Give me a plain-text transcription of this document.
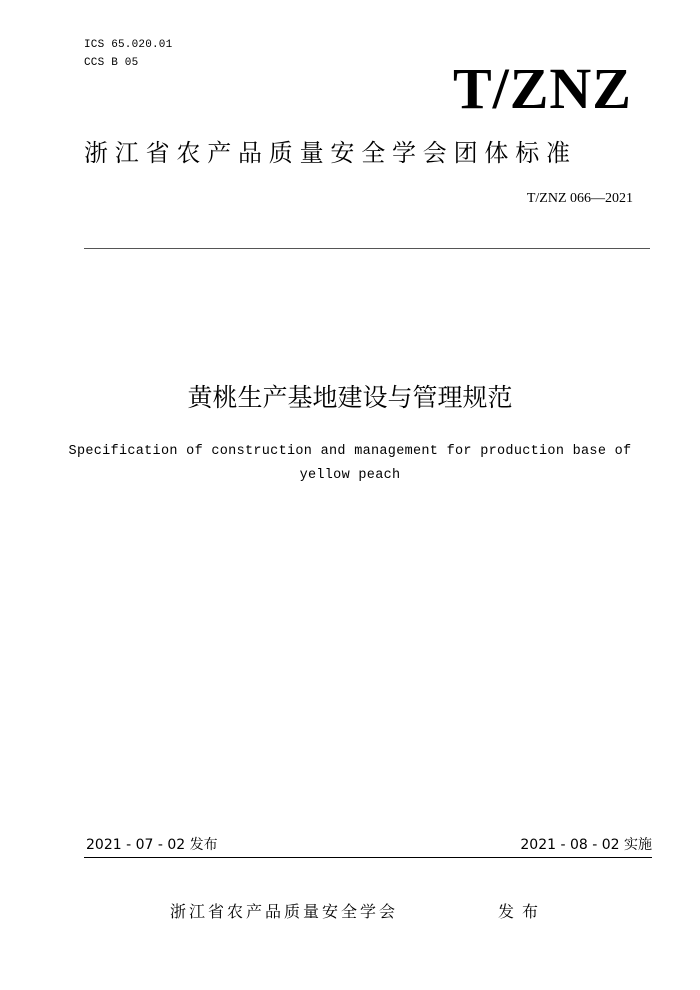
ICS 65.020.01
CCS B 05	T/ZNZ
浙江省农产品质量安全学会团体标准
T/ZNZ 066—2021
黄桃生产基地建设与管理规范
Specification of construction and management for production base of yellow peach
2021 - 07 - 02 发布	2021 - 08 - 02 实施
浙江省农产品质量安全学会	发布
